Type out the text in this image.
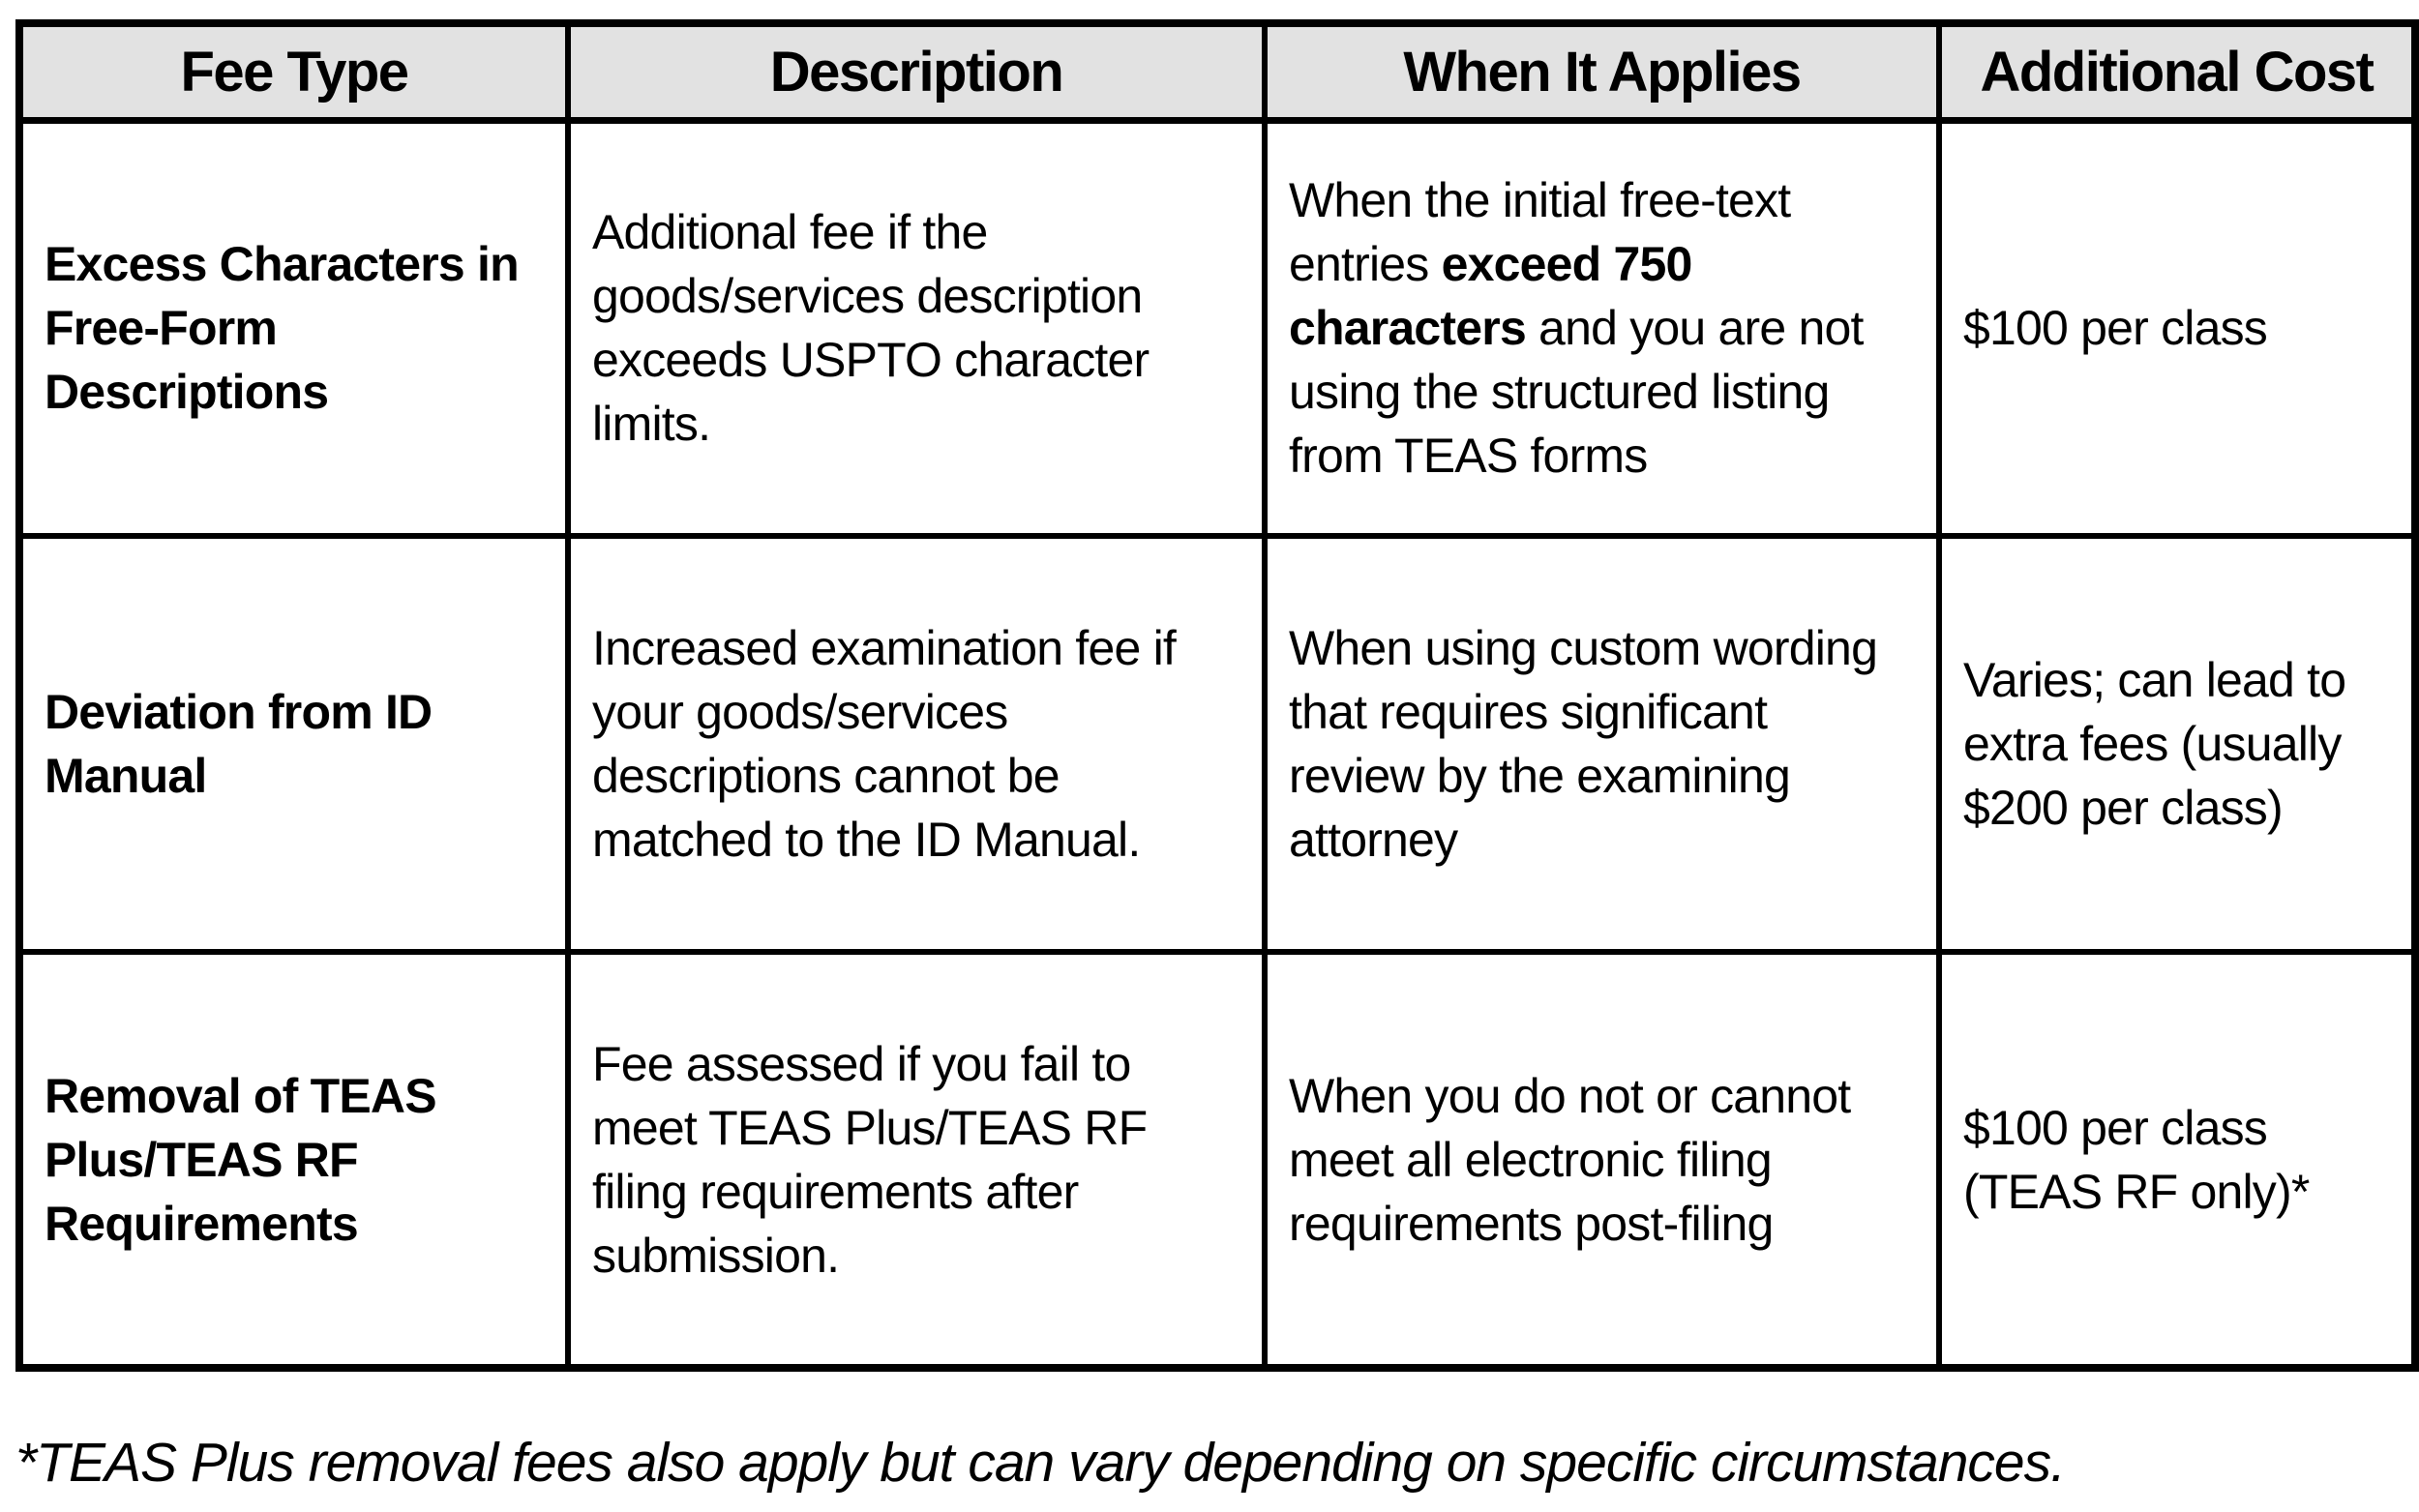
Fee Type	Description	When It Applies	Additional Cost
Excess Characters in Free-Form Descriptions	Additional fee if the goods/services description exceeds USPTO character limits.	When the initial free-text entries exceed 750 characters and you are not using the structured listing from TEAS forms	$100 per class
Deviation from ID Manual	Increased examination fee if your goods/services descriptions cannot be matched to the ID Manual.	When using custom wording that requires significant review by the examining attorney	Varies; can lead to extra fees (usually $200 per class)
Removal of TEAS Plus/TEAS RF Requirements	Fee assessed if you fail to meet TEAS Plus/TEAS RF filing requirements after submission.	When you do not or cannot meet all electronic filing requirements post-filing	$100 per class (TEAS RF only)*

*TEAS Plus removal fees also apply but can vary depending on specific circumstances.
